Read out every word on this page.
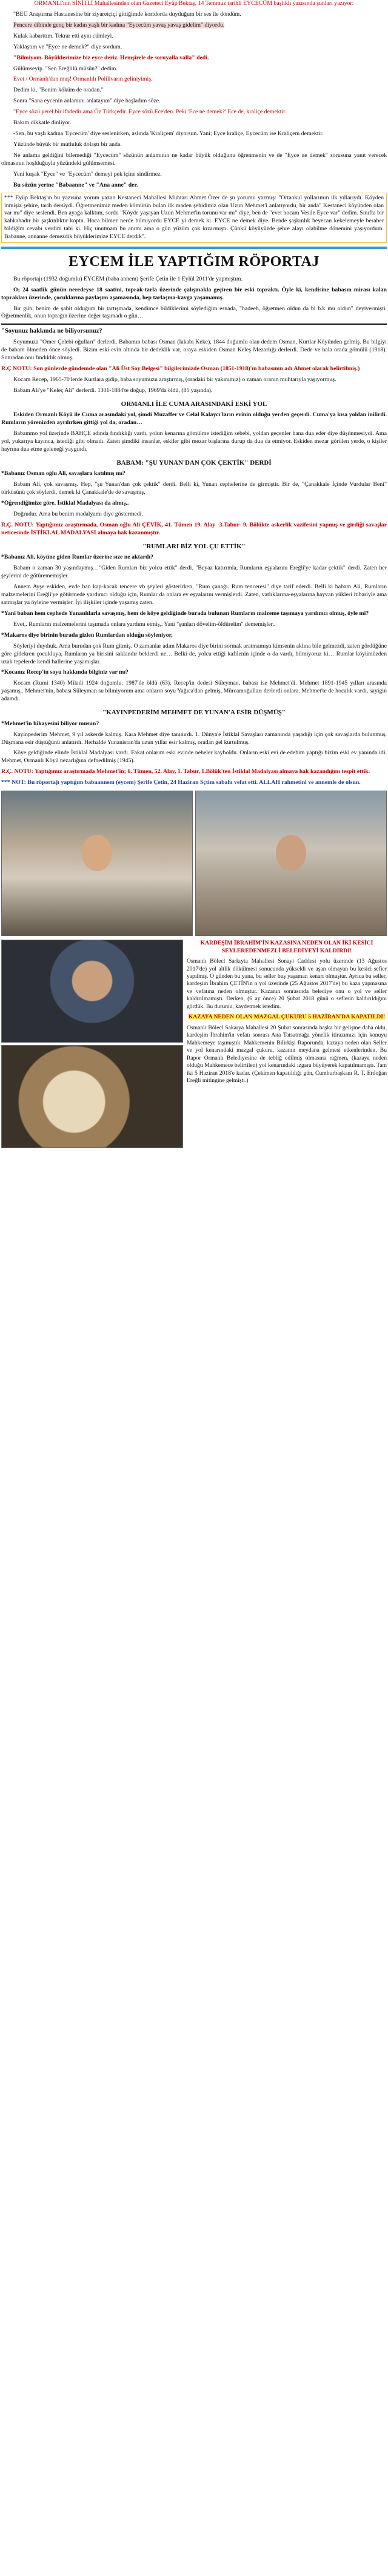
ORMANLI'nın SİNİTLİ Mahallesinden olan Gazeteci Eyüp Bektaş, 14 Temmuz tarihli EYCECÜM başlıklı yazısında şunları yazıyor:

"BEÜ Araştırma Hastanesine bir ziyaretçiçi gittiğimde koridorda duyduğum bir ses ile döndüm.

Pencere dibinde genç bir kadın yaşlı bir kadına "Eycecüm yavaş yavaş gidelim" diyordu.

Kulak kabarttım. Tekrar etti aynı cümleyi.

Yaklaştım ve "Eyce ne demek?" diye sordum.

"Bilmiyom. Böyüklerimize biz eyce deriz. Hemşirele de soruyalla valla" dedi.

Gülümseyip. "Sen Ereğlilü müsün?" dedim.

Evet / Ormanlı'dan muş! Ormanlılı Polilivarın geliniyimiş.

Dedim ki, "Benim köküm de oradan."

Sonra "Sana eycenin anlamını anlatayım" diye başladım söze.

"Eyce sözü yerel bir ifadedir ama Öz Türkçedir. Eyce sözü Ece'den. Peki 'Ece ne demek?' Ece de, kraliçe demektir.

Bakım dikkatle dinliyor.

-Sen, bu yaşlı kadına 'Eycecüm' diye seslenirken, aslında 'Kraliçem' diyorsun. Yani; Eyce kraliçe, Eycecüm ise Kraliçem demektir.

Yüzünde büyük bir mutluluk dolaştı bir anda.

Ne anlama geldiğini bilemediği "Eycecüm" sözünün anlamının ne kadar büyük olduğunu öğrenmenin ve de "Eyce ne demek" sorusuna yanıt verecek olmasının hoşlduğuyla yüzündeki gülümsemesi.

Yeni kuşak "Eyce" ve "Eycecüm" demeyi pek içine sindirmez.

Bu sözün yerine "Babaanne" ve "Ana anne" der.

*** Eyüp Bektaş'ın bu yazısına yorum yazan Kestaneci Mahallesi Muhtarı Ahmet Özer de şu yorumu yazmış: "Ortaokul yollarımın ilk yıllarıydı. Köyden inmişiz şehire, tarih dersiydi. Öğretmenimiz meden kömürün bulan ilk maden şehidimiz olan Uzun Mehmet'i anlatıyordu, bir anda" Kestaneci köyünden olan var mı" diye seslendi. Ben ayağa kalktım, sordu "Köyde yaşayan Uzun Mehmet'in torunu var mı" diye, ben de "evet hocam Vesile Eyce var" dedim. Sınıfta bir kahkahadır bir şaşkınlıktır koptu. Hoca bilmez nerde bilmiyordu EYCE yi demek ki. EYCE ne demek diye. Bende şaşkınlık heyecan kekelemeyle beraber bildiğim cevabı verdim tabi ki. Hiç unutmam bu anımı ama o gün yüzüm çok kızarmıştı. Çünkü köyüyüzde şehre alayı olabilme dönemini yaşıyordum. Babanne, annanne demezdik büyüklerimize EYCE derdik".

EYCEM İLE YAPTIĞIM RÖPORTAJ

Bu röportajı (1932 doğumlu) EYCEM (baba annem) Şerife Çetin ile 1 Eylül 2011'de yapmıştım.

O; 24 saatlik günün neredeyse 18 saatini, toprak-tarla üzerinde çalışmakla geçiren bir eski topraktı. Öyle ki, kendisine babasın mirası kalan toprakları üzerinde, çocuklarına paylaşım aşamasında, hep tarlaşma-kavga yaşamamış.

Bir gün, benim de şahit olduğum bir tartışmada, kendimce bildiklerimi söylediğim esnada, "hadeeh, öğretmen oldun da bi b.k mu oldun" deyivermişti. Öğretmenlik, onun toprağın üzerine değer taşımadı o gün…

"Soyunuz hakkında ne biliyorsunuz?

Soyumuza "Ömer Çelebi oğulları" derlerdi. Babamın babası Osman (lakabı Keke), 1844 doğumlu olan dedem Osman, Kurtlar Köyünden gelmiş. Bu bilgiyi de babam ölmeden önce söyledi. Bizim eski evin altında bir dedeklik var, oraya eskiden Osman Keleş Mezarlığı derlerdi. Dede ve hala orada gömülü (1918). Sonradan onu fındıklık olmuş.

R.Ç NOTU: Son günlerde gündemde olan "Ali Üst Soy Belgesi" bilgilerimizde Osman (1851-1918)'ın babasının adı Ahmet olarak belirtilmiş.)

Kocam Recep, 1965-70'lerde Kurtlara gidip, baba soyumuzu araştırmış, (oradaki bir yakınımız) o zaman oranın muhtarıyla yaşıyormuş.

Babam Ali'ye "Keleç Ali" derlerdi. 1301-1884'te doğup, 1969'da öldü, (85 yaşında).

ORMANLI İLE CUMA ARASINDAKİ ESKİ YOL

Eskiden Ormanlı Köyü ile Cuma arasındaki yol, şimdi Muzaffer ve Celal Kalaycı'ların evinin olduğu yerden geçerdi. Cuma'ya kısa yoldan inilirdi. Rumların yörenizden ayrılırken gittiği yol da, oradan…

Babammo yol üzerinde BAHÇE adında fındıklığı vardı, yolun kenarına gömülme istediğim sebebi, yoldan geçenler bana dua eder diye düşünmesiydi. Ama yol, yukarıya kayınca, istediği gibi olmadı. Zaten şimdiki insanlar, eskiler gibi mezar başlarına durup da dua da etmiyor. Eskiden mezar görülen yerde, o kişiler hayrına dua etme geleneği yaygındı.

BABAM: "ŞU YUNAN'DAN ÇOK ÇEKTİK" DERDİ

*Babanız Osman oğlu Ali, savaşlara katılmış mı?

Babam Ali, çok savaşmış. Hep, "şu Yunan'dan çok çektik" derdi. Belli ki, Yunan cephelerine de girmiştir. Bir de, "Çanakkale İçinde Vurdular Beni" türküsünü çok söylerdi, demek ki Çanakkale'de de savaşmış,

*Öğrendiğimize göre, İstiklal Madalyası da almış,.

Doğrudur. Ama bu benim madalyamı diye göstermedi.

R.Ç. NOTU: Yaptığımız araştırmada, Osman oğlu Ali ÇEVİK, 41. Tümen 19. Alay -3.Tabur- 9. Bölükte askerlik vazifesini yapmış ve girdiği savaşlar neticesinde İSTİKLAL MADALYASI almaya hak kazanmıştır.

"RUMLARI BİZ YOL ÇU ETTİK"

*Babanız Ali, köyüne giden Rumlar üzerine sıze ne aktardı?

Babam o zaman 30 yaşındaymış…"Giden Rumları biz yolcu ettik" derdi. "Beyaz katırımla, Rumların eşyalarını Ereğli'ye kadar çektik" derdi. Zaten her şeylerini de götürememişler.

Annem Ayşe eskiden, evde ban kap-kacak tencere vb şeyleri gösterirken, "Rum çanağı. Rum tenceresi" diye tarif ederdi. Belli ki babam Ali, Rumların malzemelerini Ereğli'ye götürmede yardımcı olduğu için, Rumlar da onlara ev eşyalarını vermişlerdi. Zaten, vatlıklarına-eşyalarına hayvan yükleri itibariyle ama satmışlar ya öyleine vermişler. İyi ilişkiler içinde yaşamış zaten.

*Yani baban hem cephede Yunanlılarla savaşmış, hem de köye geldiğinde burada bulunan Rumların malzeme taşımaya yardımcı olmuş, öyle mi?

Evet,. Rumların malzemelerini taşımada onlara yardımı etmiş,. Yani "şunları dövelim-öldürelim" dememişler,.

*Makaros diye birinin burada gizlen Rumlardan olduğu söyleniyor,

Söyleriyi duydıuk. Ama burudan çok Rum gitmiş. O zamanlar adım Makaros diye birini sormak aratmamıştı kimsenin aklına bile gelmezdi, zaten gördüğüne göre gidekren çocukluya, Rumların ya birisini saklandır beklerdi ne… Belki de, yolcu ettiği kafilenin içinde o da vardı, bilmiyoruz ki… Rumlar köyümüzden uzak tepelerde kendi hallerine yaşamışlar.

*Kocanız Recep'in soyu hakkında bilginiz var mı?

Kocam (Rumi 1340) Miladi 1924 doğumlu. 1987'de öldü (63). Recep'in dedesi Süleyman, babası ise Mehmet'di. Mehmet 1891-1945 yılları arasında yaşamış,. Mehmet'nin, babası Süleyman su bilmiyorum ama onların soyu Yağıca'dan gelmiş, Mürcamoğulları derlerdi onlara. Mehmet'te de hocalık vardı, sayigin adamdı.

"KAYINPEDERİM MEHMET DE YUNAN'A ESİR DÜŞMÜŞ"

*Mehmet'in hikayesini biliyor musun?

Kayınpederim Mehmet, 9 yıl askerde kalmış. Kara Mehmet diye tanınırdı. 1. Dünya'e İstiklal Savaşları zamanında yaşadığı için çok savaşlarda bulunmuş. Düşmana esir düştüğünü anlatırdı. Herhalde Yunanistan'da uzun yıllar esir kalmış, oradan gel kurtulmuş.

Köye geldiğinde elinde İstiklal Madalyası vardı. Fakat onlarım eski evinde neheler kayboldu. Onların eski evi de edebim yaptığı bizim eski ev yanında idi. Mehmet, Ormanlı Köyü nezarlığına defnedilmiş (1945).

R.Ç. NOTU: Yaptığımız araştırmada Mehmet'in; 6. Tümen, 52. Alay, 1. Tabur, 1.Bölük'ten İstiklal Madalyası almaya hak kazandığını tespit ettik.

*** NOT: Bu röportajı yaptığım babaannem (eycem) Şerife Çetin, 24 Haziran Sçtim sabahı vefat etti. ALLAH rahmetini ve annemle de olsun.

KARDEŞİM İBRAHİM'İN KAZASINA NEDEN OLAN İKİ KESİCİ SEYLEREDENMEZLİ BELEDİYEYİ KALDIRDI!

Osmanlı Bölecl Sarkıyta Mahallesi Sonayi Caddesi yolu üzerinde (13 Ağustos 2017'de) yol altlik dökülmesi sonucunda yükseldi ve aşan olmayan bu kesici sefier yapılmış. O günden bu yana, bu seller buş yaşaman kenarı olmuştur. Ayrıca bu seller, kardeşim İbrahim ÇETİN'in o yol üzerinde (25 Ağustos 2017'de) bu kaza yapmasına ve vefatına neden olmuştur. Kazanın sonrasında belediye onu o yol ve seller kaldırılmamıştı. Derken, (6 ay önce) 20 Şubat 2018 günü o seflerin kaldırıldığını gördük. Bu durumu, kaydetmek istedim.

KAZAYA NEDEN OLAN MAZGAL ÇUKURU 5 HAZİRAN'DA KAPATILDI!

Osmanlı Bölecl Sakarya Mahallesi 20 Şubat sonrasında başka bir gelişme daha oldu, kardeşim İbrahim'in vefatı sonrası Ana Tatsatmağa yönelik itirazımızı için konuyu Mahkemeye taşımıştık. Mahkemenin Bilirkişi Raporunda, kazaya neden olan Seller ve yol kenarındaki mazgal çukuru, kazanın meydana gelmesi etkenlerinden. Bu Rapor Ormanlı Belediyesine de tebliğ edilmiş olmasına rağmen, (kazaya neden olduğu Mahkemece belirtilen) yol kenarındaki ızgara büyüyerek kapatılmamıştı. Tam iki 5 Haziran 2018'e kadar. (Çekimen kapatıldığı gün, Cumhurbaşkanı R. T. Erdoğan Ereğli mitingine gelmişti.)
